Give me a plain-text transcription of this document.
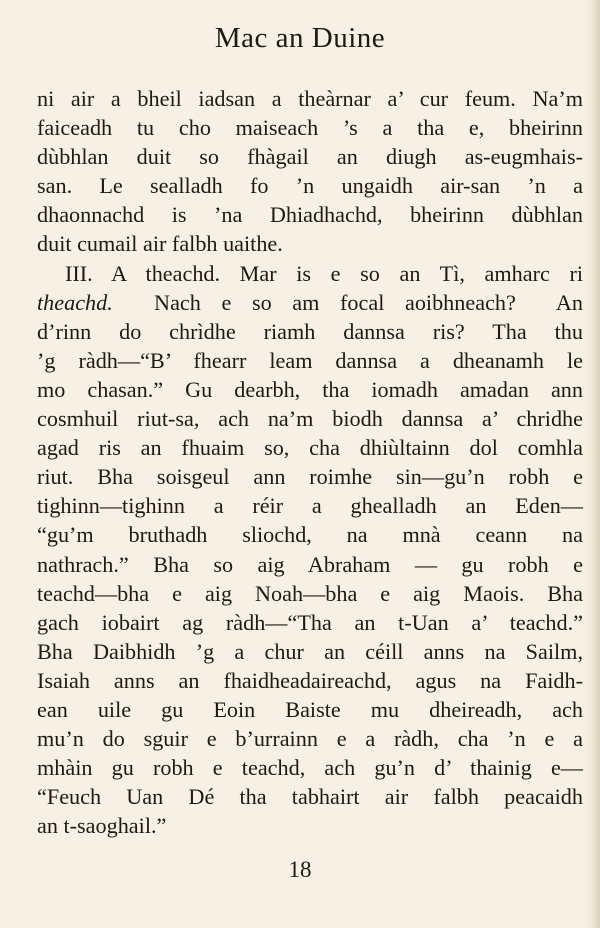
Mac an Duine
ni air a bheil iadsan a theàrnar a’ cur feum. Na’m
faiceadh tu cho maiseach ’s a tha e, bheirinn
dùbhlan duit so fhàgail an diugh as-eugmhais-
san. Le sealladh fo ’n ungaidh air-san ’n a
dhaonnachd is ’na Dhiadhachd, bheirinn dùbhlan
duit cumail air falbh uaithe.
III. A theachd. Mar is e so an Tì, amharc ri
theachd.  Nach e so am focal aoibhneach?  An
d’rinn do chrìdhe riamh dannsa ris? Tha thu
’g ràdh—“B’ fhearr leam dannsa a dheanamh le
mo chasan.” Gu dearbh, tha iomadh amadan ann
cosmhuil riut-sa, ach na’m biodh dannsa a’ chridhe
agad ris an fhuaim so, cha dhiùltainn dol comhla
riut. Bha soisgeul ann roimhe sin—gu’n robh e
tighinn—tighinn a réir a ghealladh an Eden—
“gu’m bruthadh sliochd, na mnà ceann na
nathrach.” Bha so aig Abraham — gu robh e
teachd—bha e aig Noah—bha e aig Maois. Bha
gach iobairt ag ràdh—“Tha an t-Uan a’ teachd.”
Bha Daibhidh ’g a chur an céill anns na Sailm,
Isaiah anns an fhaidheadaireachd, agus na Faidh-
ean uile gu Eoin Baiste mu dheireadh, ach
mu’n do sguir e b’urrainn e a ràdh, cha ’n e a
mhàin gu robh e teachd, ach gu’n d’ thainig e—
“Feuch Uan Dé tha tabhairt air falbh peacaidh
an t-saoghail.”
18
